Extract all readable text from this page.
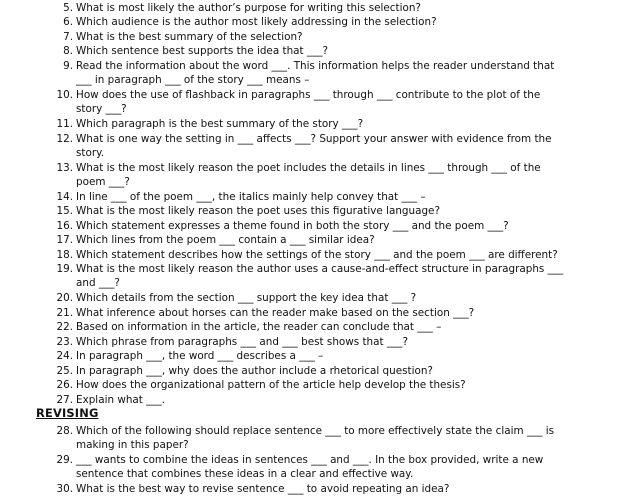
5. What is most likely the author’s purpose for writing this selection?
6. Which audience is the author most likely addressing in the selection?
7. What is the best summary of the selection?
8. Which sentence best supports the idea that ___?
9. Read the information about the word ___. This information helps the reader understand that
___ in paragraph ___ of the story ___ means –
10. How does the use of flashback in paragraphs ___ through ___ contribute to the plot of the
story ___?
11. Which paragraph is the best summary of the story ___?
12. What is one way the setting in ___ affects ___? Support your answer with evidence from the
story.
13. What is the most likely reason the poet includes the details in lines ___ through ___ of the
poem ___?
14. In line ___ of the poem ___, the italics mainly help convey that ___ –
15. What is the most likely reason the poet uses this figurative language?
16. Which statement expresses a theme found in both the story ___ and the poem ___?
17. Which lines from the poem ___ contain a ___ similar idea?
18. Which statement describes how the settings of the story ___ and the poem ___ are different?
19. What is the most likely reason the author uses a cause-and-effect structure in paragraphs ___
and ___?
20. Which details from the section ___ support the key idea that ___ ?
21. What inference about horses can the reader make based on the section ___?
22. Based on information in the article, the reader can conclude that ___ –
23. Which phrase from paragraphs ___ and ___ best shows that ___?
24. In paragraph ___, the word ___ describes a ___ –
25. In paragraph ___, why does the author include a rhetorical question?
26. How does the organizational pattern of the article help develop the thesis?
27. Explain what ___.
REVISING
28. Which of the following should replace sentence ___ to more effectively state the claim ___ is
making in this paper?
29. ___ wants to combine the ideas in sentences ___ and ___. In the box provided, write a new
sentence that combines these ideas in a clear and effective way.
30. What is the best way to revise sentence ___ to avoid repeating an idea?
